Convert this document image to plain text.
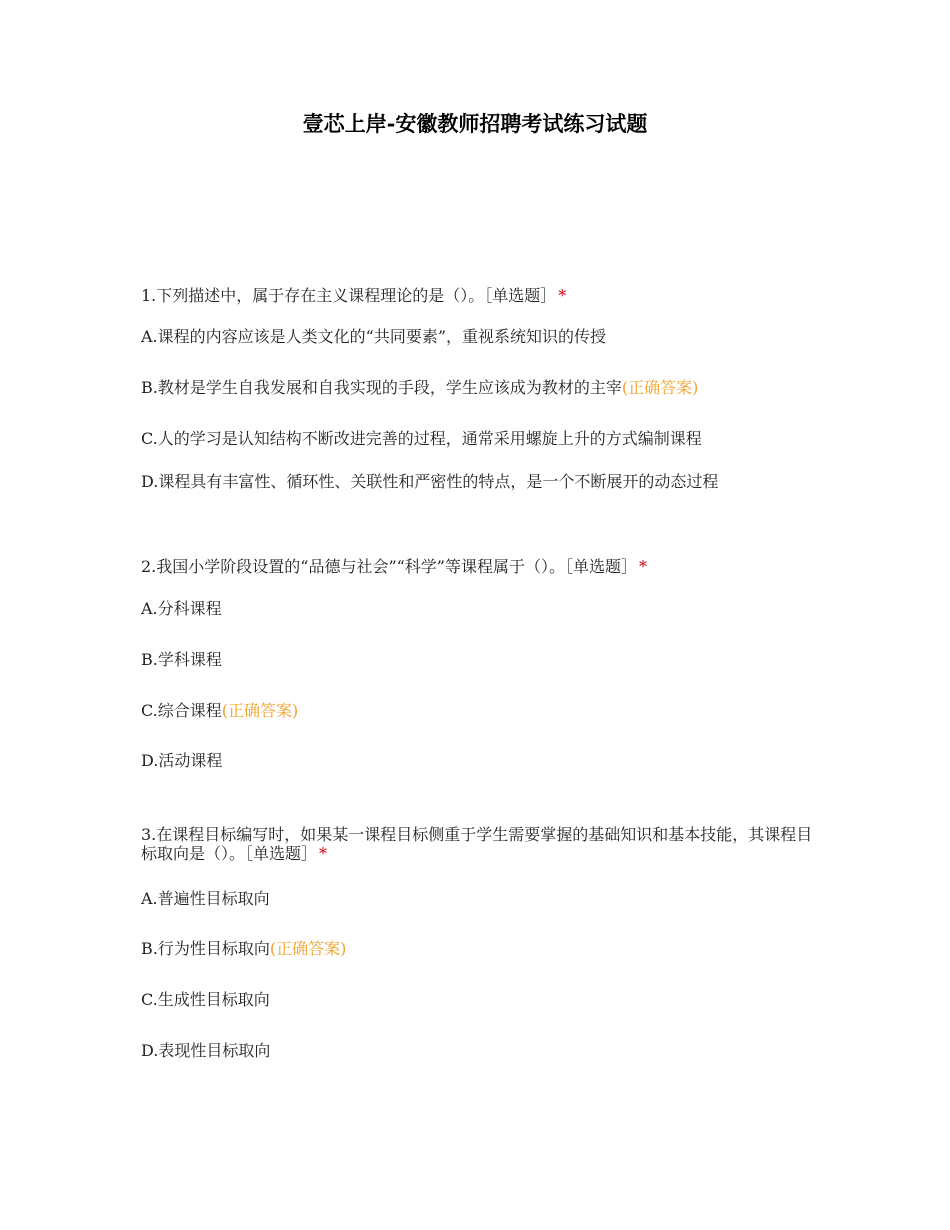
壹芯上岸-安徽教师招聘考试练习试题

1.下列描述中，属于存在主义课程理论的是（）。［单选题］ *

A.课程的内容应该是人类文化的“共同要素”，重视系统知识的传授

B.教材是学生自我发展和自我实现的手段，学生应该成为教材的主宰(正确答案)

C.人的学习是认知结构不断改进完善的过程，通常采用螺旋上升的方式编制课程

D.课程具有丰富性、循环性、关联性和严密性的特点，是一个不断展开的动态过程

2.我国小学阶段设置的“品德与社会”“科学”等课程属于（）。［单选题］ *

A.分科课程

B.学科课程

C.综合课程(正确答案)

D.活动课程

3.在课程目标编写时，如果某一课程目标侧重于学生需要掌握的基础知识和基本技能，其课程目标取向是（）。［单选题］ *

A.普遍性目标取向

B.行为性目标取向(正确答案)

C.生成性目标取向

D.表现性目标取向
